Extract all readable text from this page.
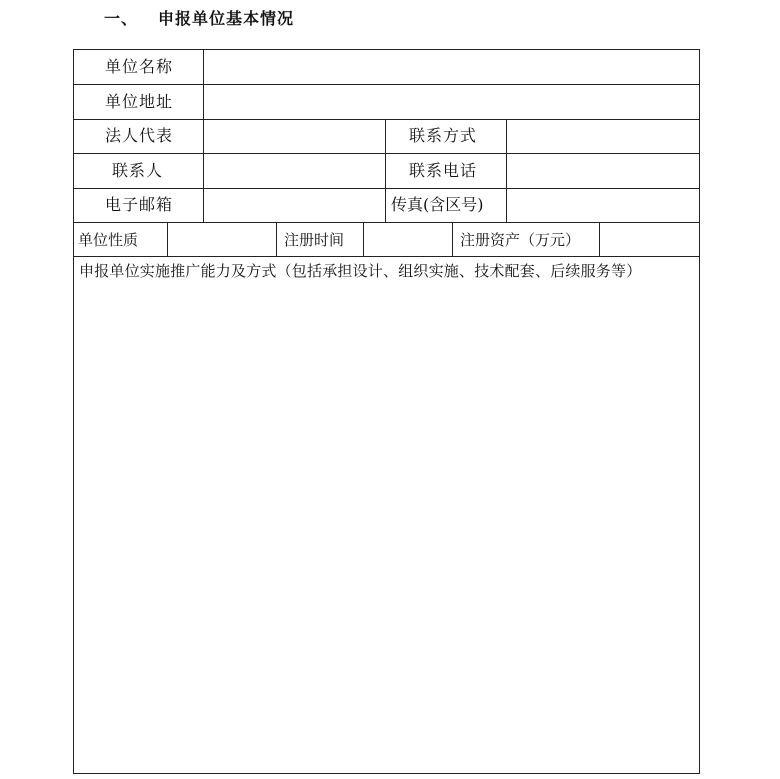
一、 申报单位基本情况
单位名称
单位地址
法人代表	联系方式
联系人	联系电话
电子邮箱	传真(含区号)
单位性质	注册时间	注册资产（万元）
申报单位实施推广能力及方式（包括承担设计、组织实施、技术配套、后续服务等）
